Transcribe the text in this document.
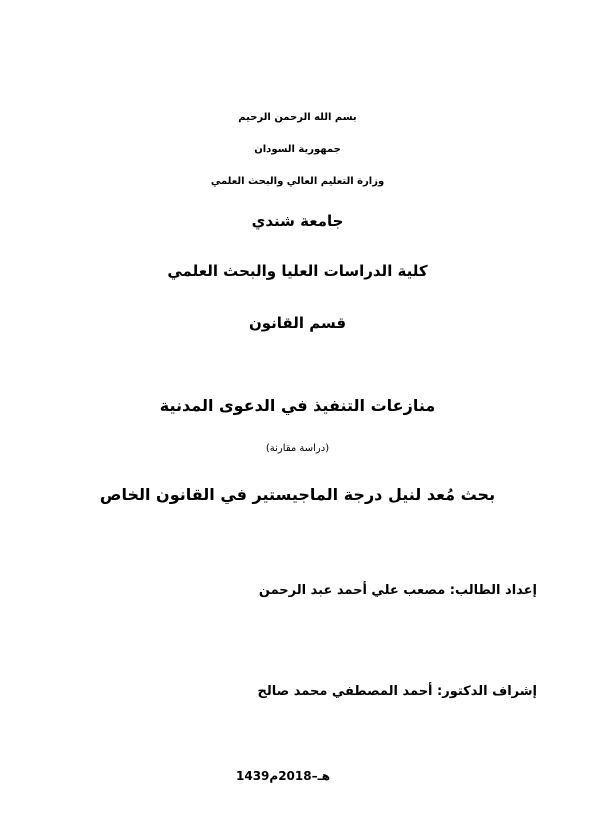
بسم الله الرحمن الرحيم
جمهورية السودان
وزارة التعليم العالي والبحث العلمي
جامعة شندي
كلية الدراسات العليا والبحث العلمي
قسم القانون
منازعات التنفيذ في الدعوى المدنية
(دراسة مقارنة)
بحث مُعد لنيل درجة الماجيستير في القانون الخاص
إعداد الطالب: مصعب علي أحمد عبد الرحمن
إشراف الدكتور: أحمد المصطفي محمد صالح
1439هـ–2018م
